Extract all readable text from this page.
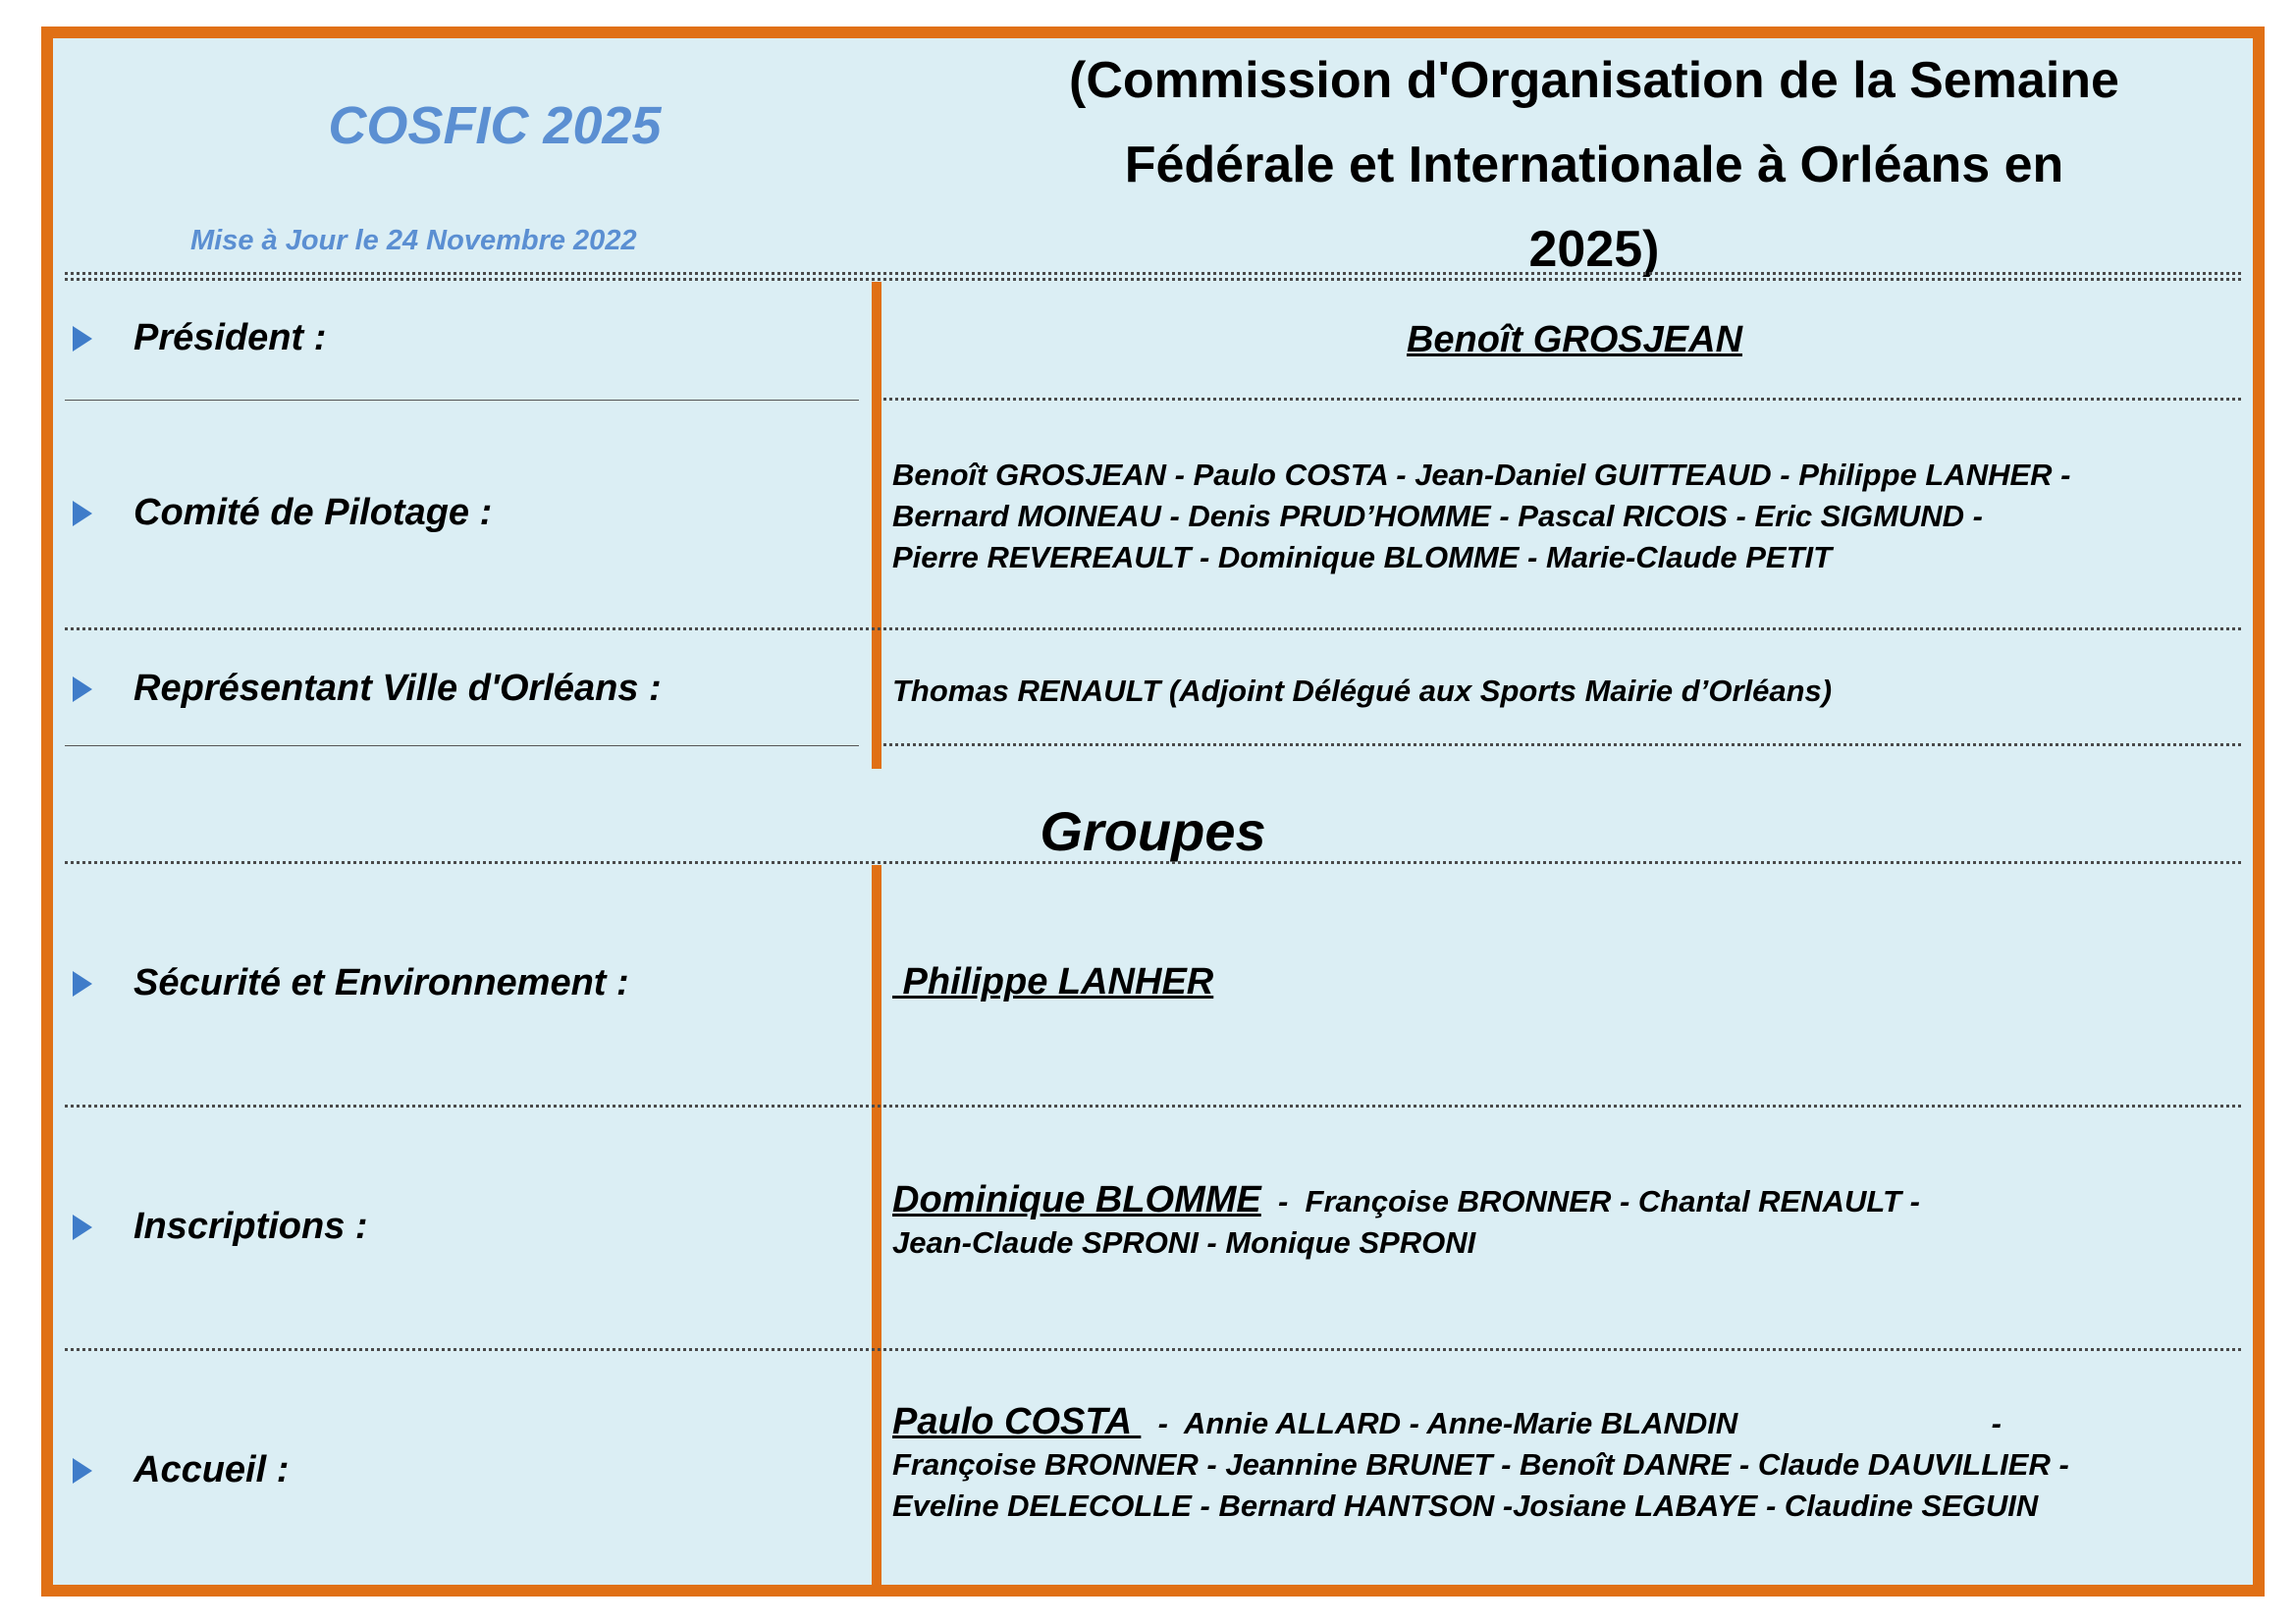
COSFIC 2025
Mise à Jour le 24 Novembre 2022
(Commission d'Organisation de la Semaine
Fédérale et Internationale à Orléans en
2025)
Président :	Benoît GROSJEAN
Comité de Pilotage :
Benoît GROSJEAN - Paulo COSTA - Jean-Daniel GUITTEAUD - Philippe LANHER -
Bernard MOINEAU - Denis PRUD’HOMME - Pascal RICOIS - Eric SIGMUND -
Pierre REVEREAULT - Dominique BLOMME - Marie-Claude PETIT
Représentant Ville d'Orléans :	Thomas RENAULT (Adjoint Délégué aux Sports Mairie d’Orléans)
Groupes
Sécurité et Environnement :	Philippe LANHER
Inscriptions :
Dominique BLOMME  -  Françoise BRONNER - Chantal RENAULT -
Jean-Claude SPRONI - Monique SPRONI
Accueil :
Paulo COSTA   -  Annie ALLARD - Anne-Marie BLANDIN                              -
Françoise BRONNER - Jeannine BRUNET - Benoît DANRE - Claude DAUVILLIER -
Eveline DELECOLLE - Bernard HANTSON -Josiane LABAYE - Claudine SEGUIN
